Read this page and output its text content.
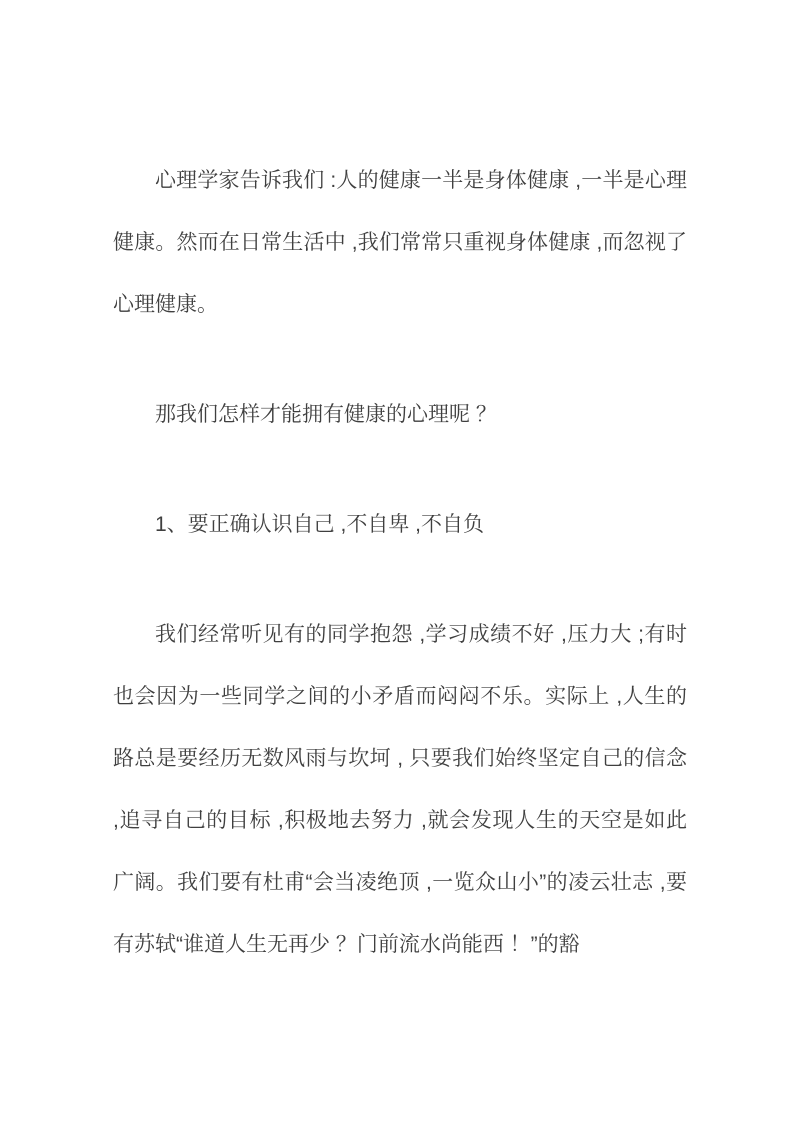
心理学家告诉我们 :人的健康一半是身体健康 ,一半是心理健康。然而在日常生活中 ,我们常常只重视身体健康 ,而忽视了心理健康。

那我们怎样才能拥有健康的心理呢 ？

1、要正确认识自己 ,不自卑 ,不自负

我们经常听见有的同学抱怨 ,学习成绩不好 ,压力大 ;有时也会因为一些同学之间的小矛盾而闷闷不乐。实际上 ,人生的路总是要经历无数风雨与坎坷 , 只要我们始终坚定自己的信念 ,追寻自己的目标 ,积极地去努力 ,就会发现人生的天空是如此广阔。我们要有杜甫“会当凌绝顶 ,一览众山小”的凌云壮志 ,要有苏轼“谁道人生无再少 ？门前流水尚能西 ！”的豁
